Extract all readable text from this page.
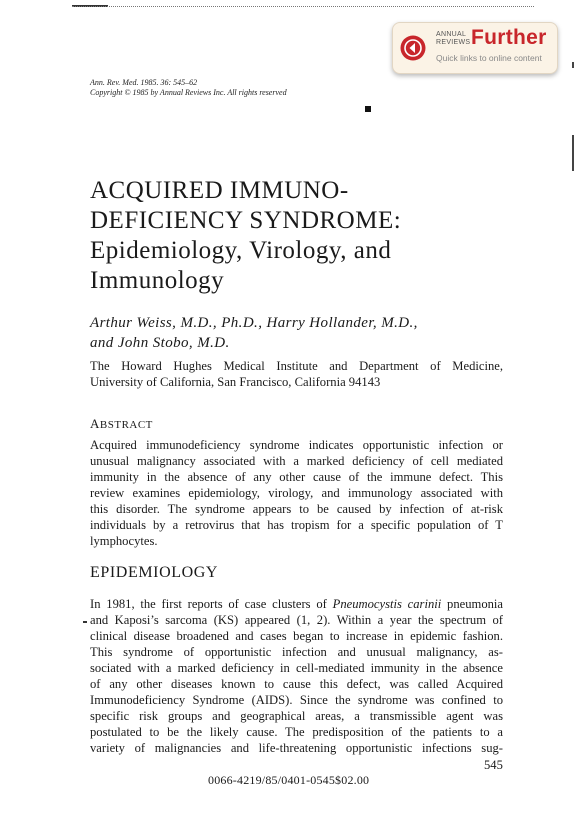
ANNUAL
REVIEWS Further
Quick links to online content
Ann. Rev. Med. 1985. 36: 545–62
Copyright © 1985 by Annual Reviews Inc. All rights reserved
ACQUIRED IMMUNO-
DEFICIENCY SYNDROME:
Epidemiology, Virology, and
Immunology
Arthur Weiss, M.D., Ph.D., Harry Hollander, M.D.,
and John Stobo, M.D.
The Howard Hughes Medical Institute and Department of Medicine,
University of California, San Francisco, California 94143
ABSTRACT
Acquired immunodeficiency syndrome indicates opportunistic infection or
unusual malignancy associated with a marked deficiency of cell mediated
immunity in the absence of any other cause of the immune defect. This
review examines epidemiology, virology, and immunology associated with
this disorder. The syndrome appears to be caused by infection of at-risk
individuals by a retrovirus that has tropism for a specific population of T
lymphocytes.
EPIDEMIOLOGY
In 1981, the first reports of case clusters of Pneumocystis carinii pneumonia
and Kaposi’s sarcoma (KS) appeared (1, 2). Within a year the spectrum of
clinical disease broadened and cases began to increase in epidemic fashion.
This syndrome of opportunistic infection and unusual malignancy, as-
sociated with a marked deficiency in cell-mediated immunity in the absence
of any other diseases known to cause this defect, was called Acquired
Immunodeficiency Syndrome (AIDS). Since the syndrome was confined to
specific risk groups and geographical areas, a transmissible agent was
postulated to be the likely cause. The predisposition of the patients to a
variety of malignancies and life-threatening opportunistic infections sug-
545
0066-4219/85/0401-0545$02.00
